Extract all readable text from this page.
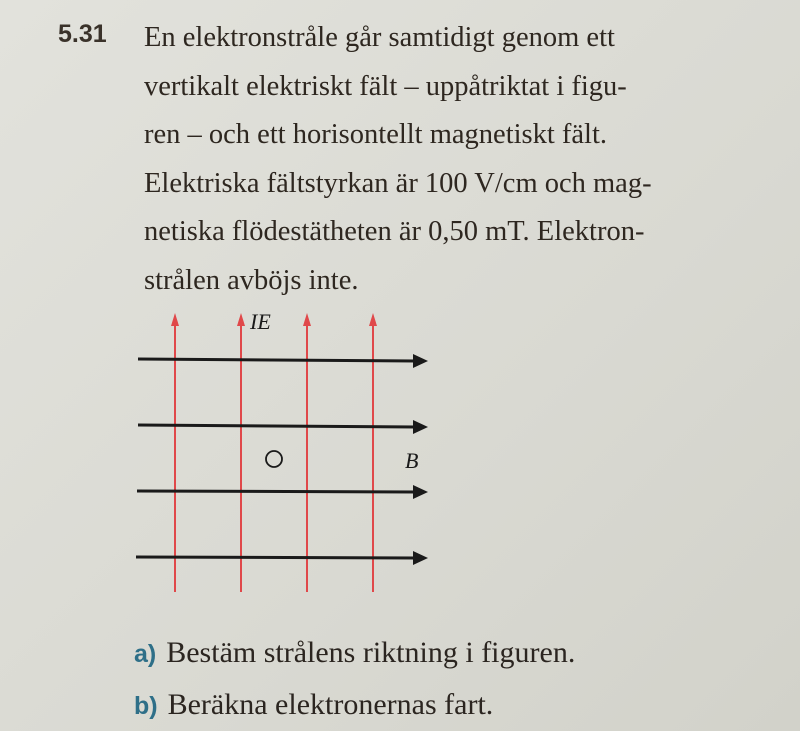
5.31 En elektronstråle går samtidigt genom ett
vertikalt elektriskt fält – uppåtriktat i figu-
ren – och ett horisontellt magnetiskt fält.
Elektriska fältstyrkan är 100 V/cm och mag-
netiska flödestätheten är 0,50 mT. Elektron-
strålen avböjs inte.
IE
B
a) Bestäm strålens riktning i figuren.
b) Beräkna elektronernas fart.
